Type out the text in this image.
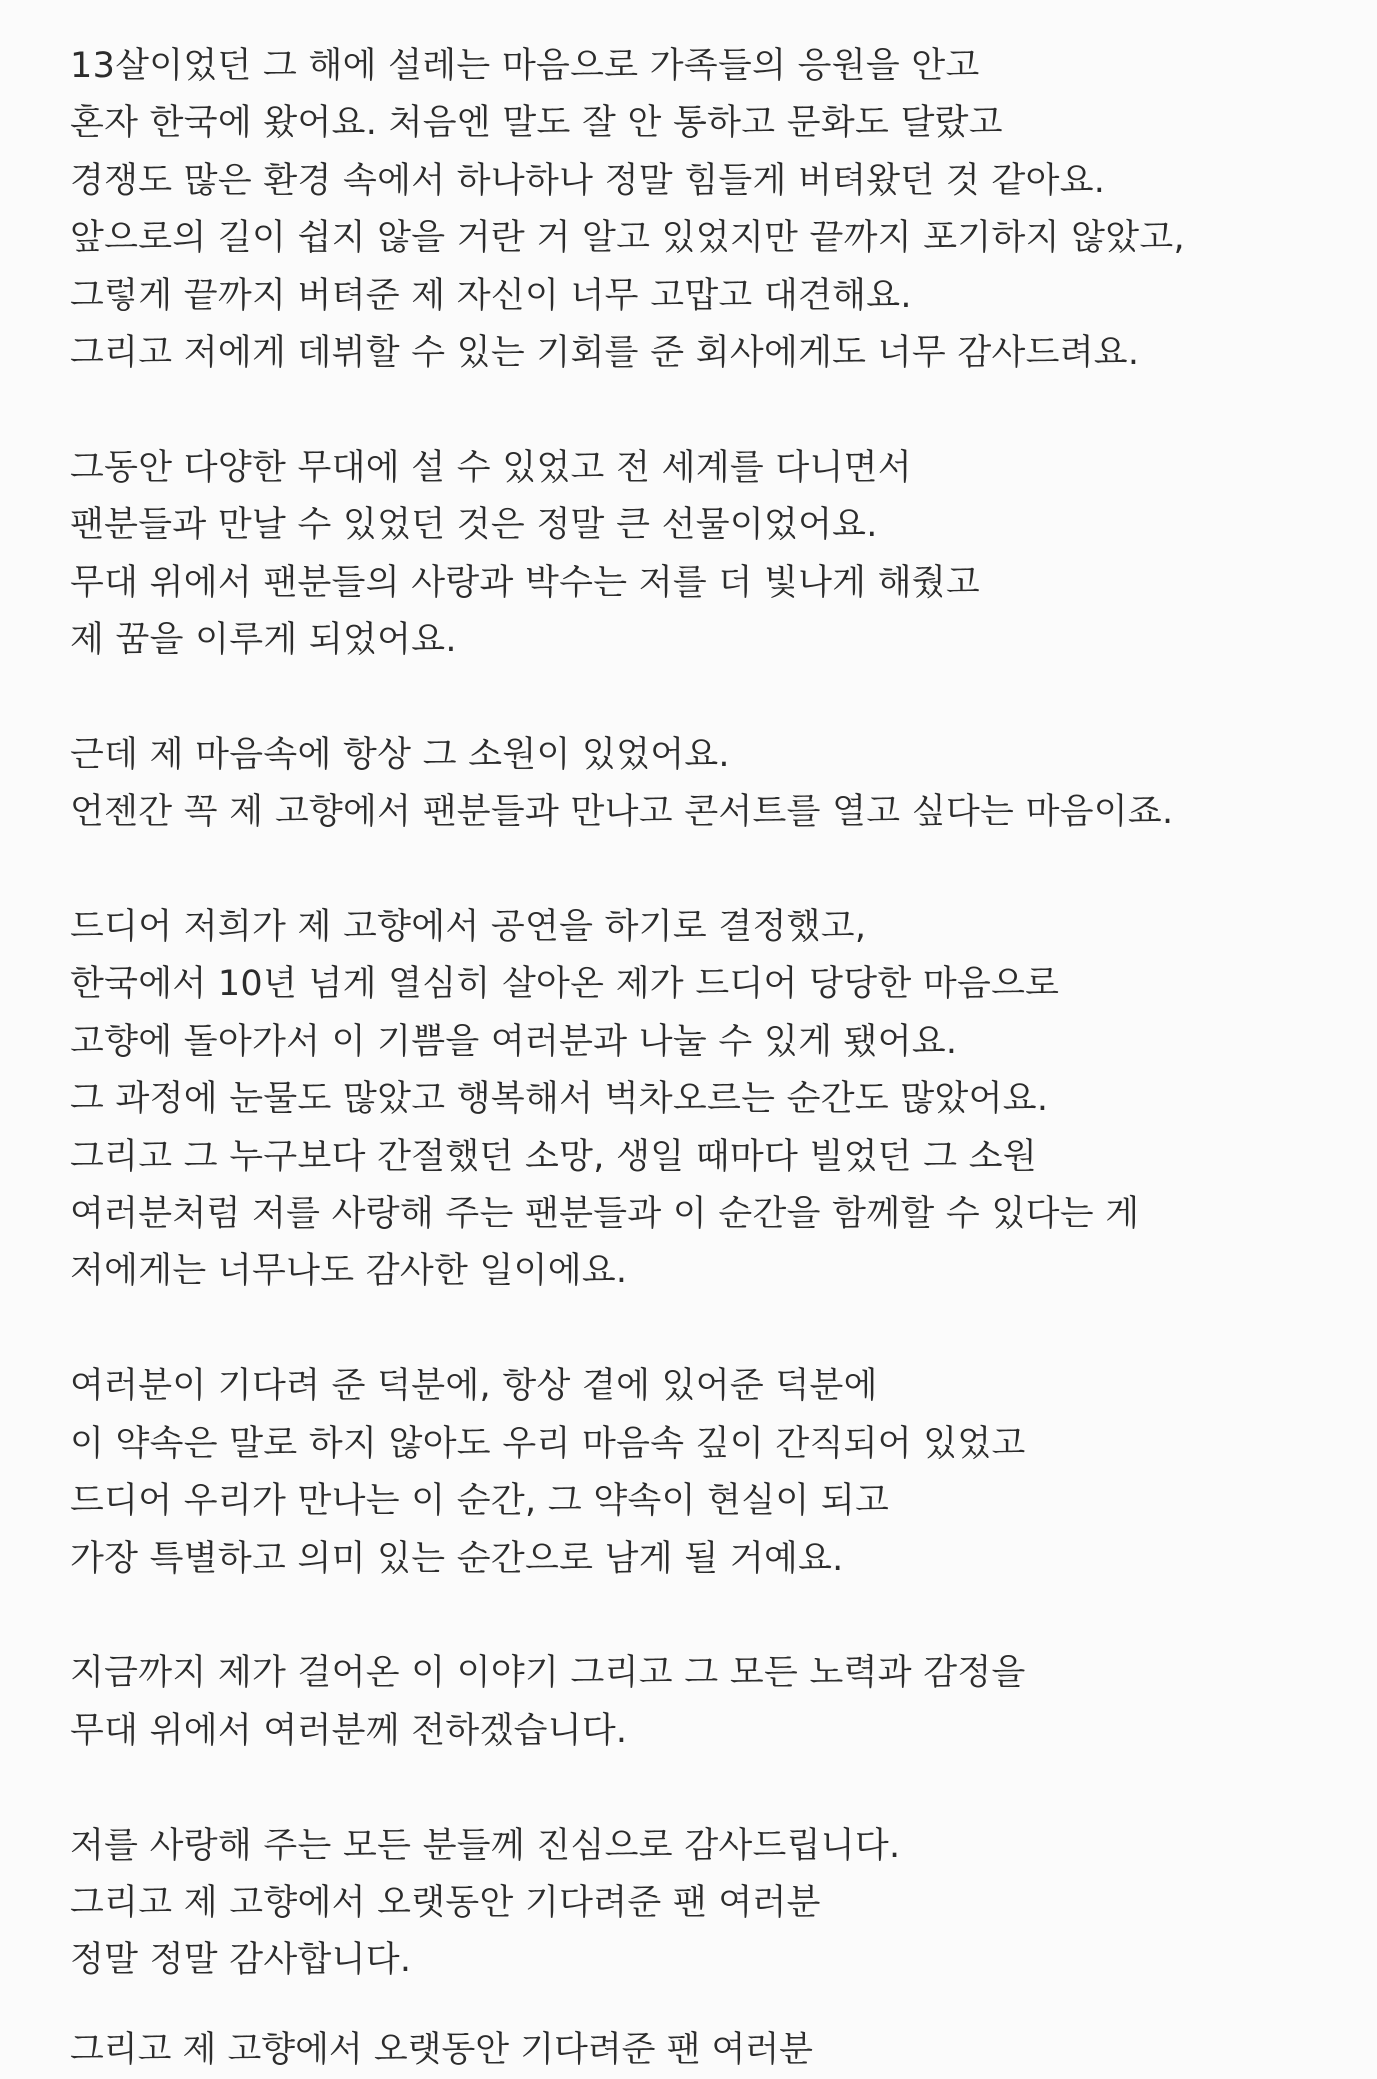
13살이었던 그 해에 설레는 마음으로 가족들의 응원을 안고
혼자 한국에 왔어요. 처음엔 말도 잘 안 통하고 문화도 달랐고
경쟁도 많은 환경 속에서 하나하나 정말 힘들게 버텨왔던 것 같아요.
앞으로의 길이 쉽지 않을 거란 거 알고 있었지만 끝까지 포기하지 않았고,
그렇게 끝까지 버텨준 제 자신이 너무 고맙고 대견해요.
그리고 저에게 데뷔할 수 있는 기회를 준 회사에게도 너무 감사드려요.
그동안 다양한 무대에 설 수 있었고 전 세계를 다니면서
팬분들과 만날 수 있었던 것은 정말 큰 선물이었어요.
무대 위에서 팬분들의 사랑과 박수는 저를 더 빛나게 해줬고
제 꿈을 이루게 되었어요.
근데 제 마음속에 항상 그 소원이 있었어요.
언젠간 꼭 제 고향에서 팬분들과 만나고 콘서트를 열고 싶다는 마음이죠.
드디어 저희가 제 고향에서 공연을 하기로 결정했고,
한국에서 10년 넘게 열심히 살아온 제가 드디어 당당한 마음으로
고향에 돌아가서 이 기쁨을 여러분과 나눌 수 있게 됐어요.
그 과정에 눈물도 많았고 행복해서 벅차오르는 순간도 많았어요.
그리고 그 누구보다 간절했던 소망, 생일 때마다 빌었던 그 소원
여러분처럼 저를 사랑해 주는 팬분들과 이 순간을 함께할 수 있다는 게
저에게는 너무나도 감사한 일이에요.
여러분이 기다려 준 덕분에, 항상 곁에 있어준 덕분에
이 약속은 말로 하지 않아도 우리 마음속 깊이 간직되어 있었고
드디어 우리가 만나는 이 순간, 그 약속이 현실이 되고
가장 특별하고 의미 있는 순간으로 남게 될 거예요.
지금까지 제가 걸어온 이 이야기 그리고 그 모든 노력과 감정을
무대 위에서 여러분께 전하겠습니다.
저를 사랑해 주는 모든 분들께 진심으로 감사드립니다.
그리고 제 고향에서 오랫동안 기다려준 팬 여러분
정말 정말 감사합니다.
그리고 제 고향에서 오랫동안 기다려준 팬 여러분
